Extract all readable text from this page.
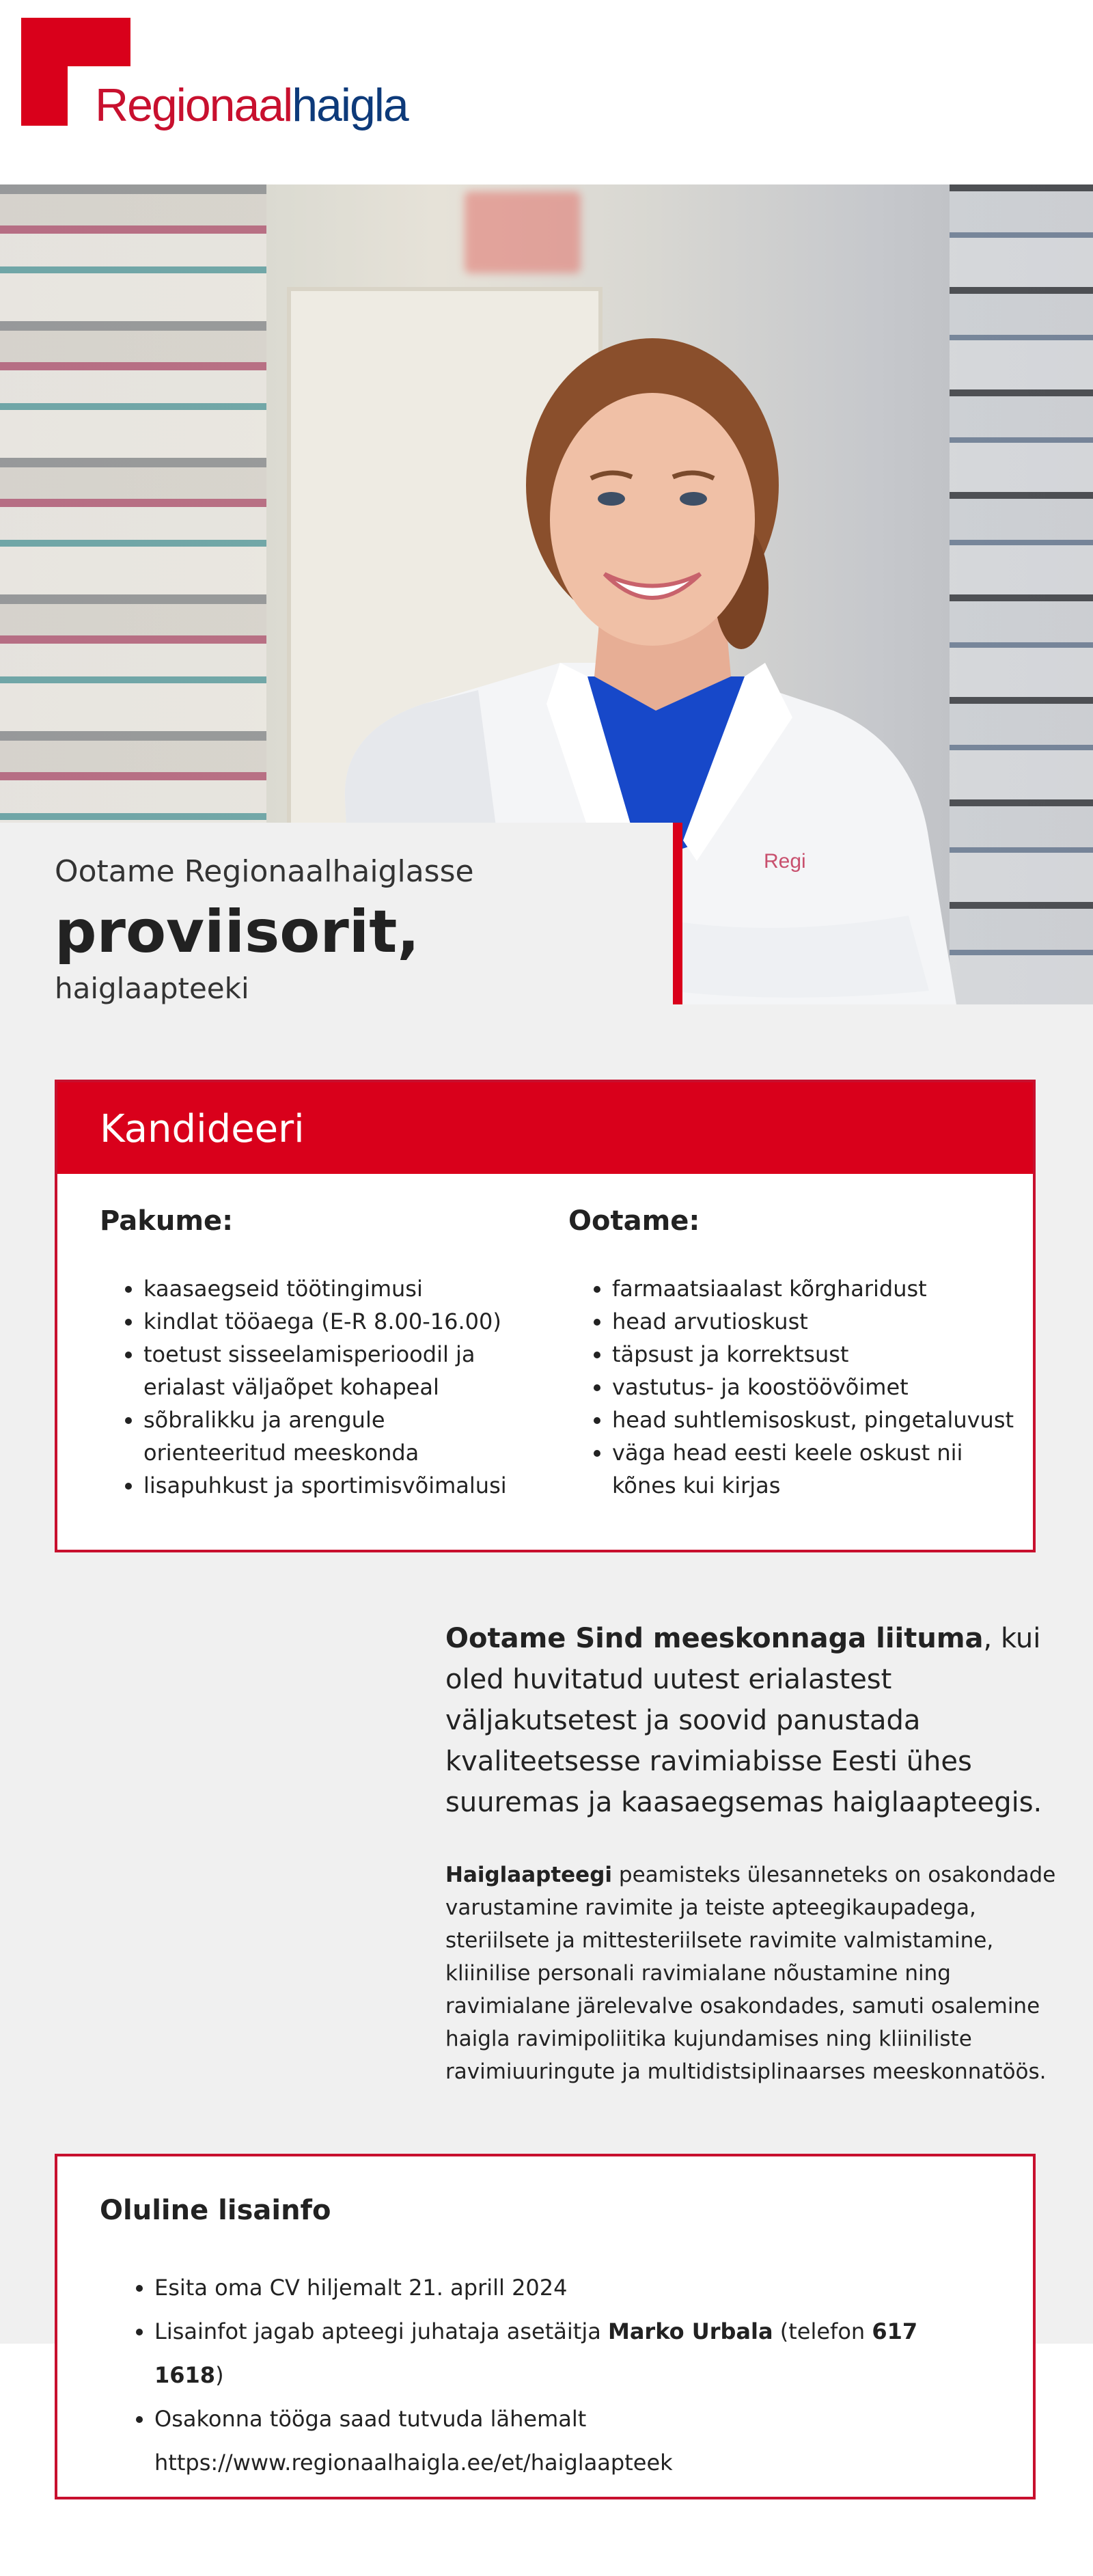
Regionaalhaigla
Regi
Ootame Regionaalhaiglasse
proviisorit,
haiglaapteeki
Kandideeri
Pakume:
• kaasaegseid töötingimusi
• kindlat tööaega (E-R 8.00-16.00)
• toetust sisseelamisperioodil ja erialast väljaõpet kohapeal
• sõbralikku ja arengule orienteeritud meeskonda
• lisapuhkust ja sportimisvõimalusi
Ootame:
• farmaatsiaalast kõrgharidust
• head arvutioskust
• täpsust ja korrektsust
• vastutus- ja koostöövõimet
• head suhtlemisoskust, pingetaluvust
• väga head eesti keele oskust nii kõnes kui kirjas
Ootame Sind meeskonnaga liituma, kui oled huvitatud uutest erialastest väljakutsetest ja soovid panustada kvaliteetsesse ravimiabisse Eesti ühes suuremas ja kaasaegsemas haiglaapteegis.
Haiglaapteegi peamisteks ülesanneteks on osakondade varustamine ravimite ja teiste apteegikaupadega, steriilsete ja mittesteriilsete ravimite valmistamine, kliinilise personali ravimialane nõustamine ning ravimialane järelevalve osakondades, samuti osalemine haigla ravimipoliitika kujundamises ning kliiniliste ravimiuuringute ja multidistsiplinaarses meeskonnatöös.
Oluline lisainfo
• Esita oma CV hiljemalt 21. aprill 2024
• Lisainfot jagab apteegi juhataja asetäitja Marko Urbala (telefon 617 1618)
• Osakonna tööga saad tutvuda lähemalt
https://www.regionaalhaigla.ee/et/haiglaapteek
